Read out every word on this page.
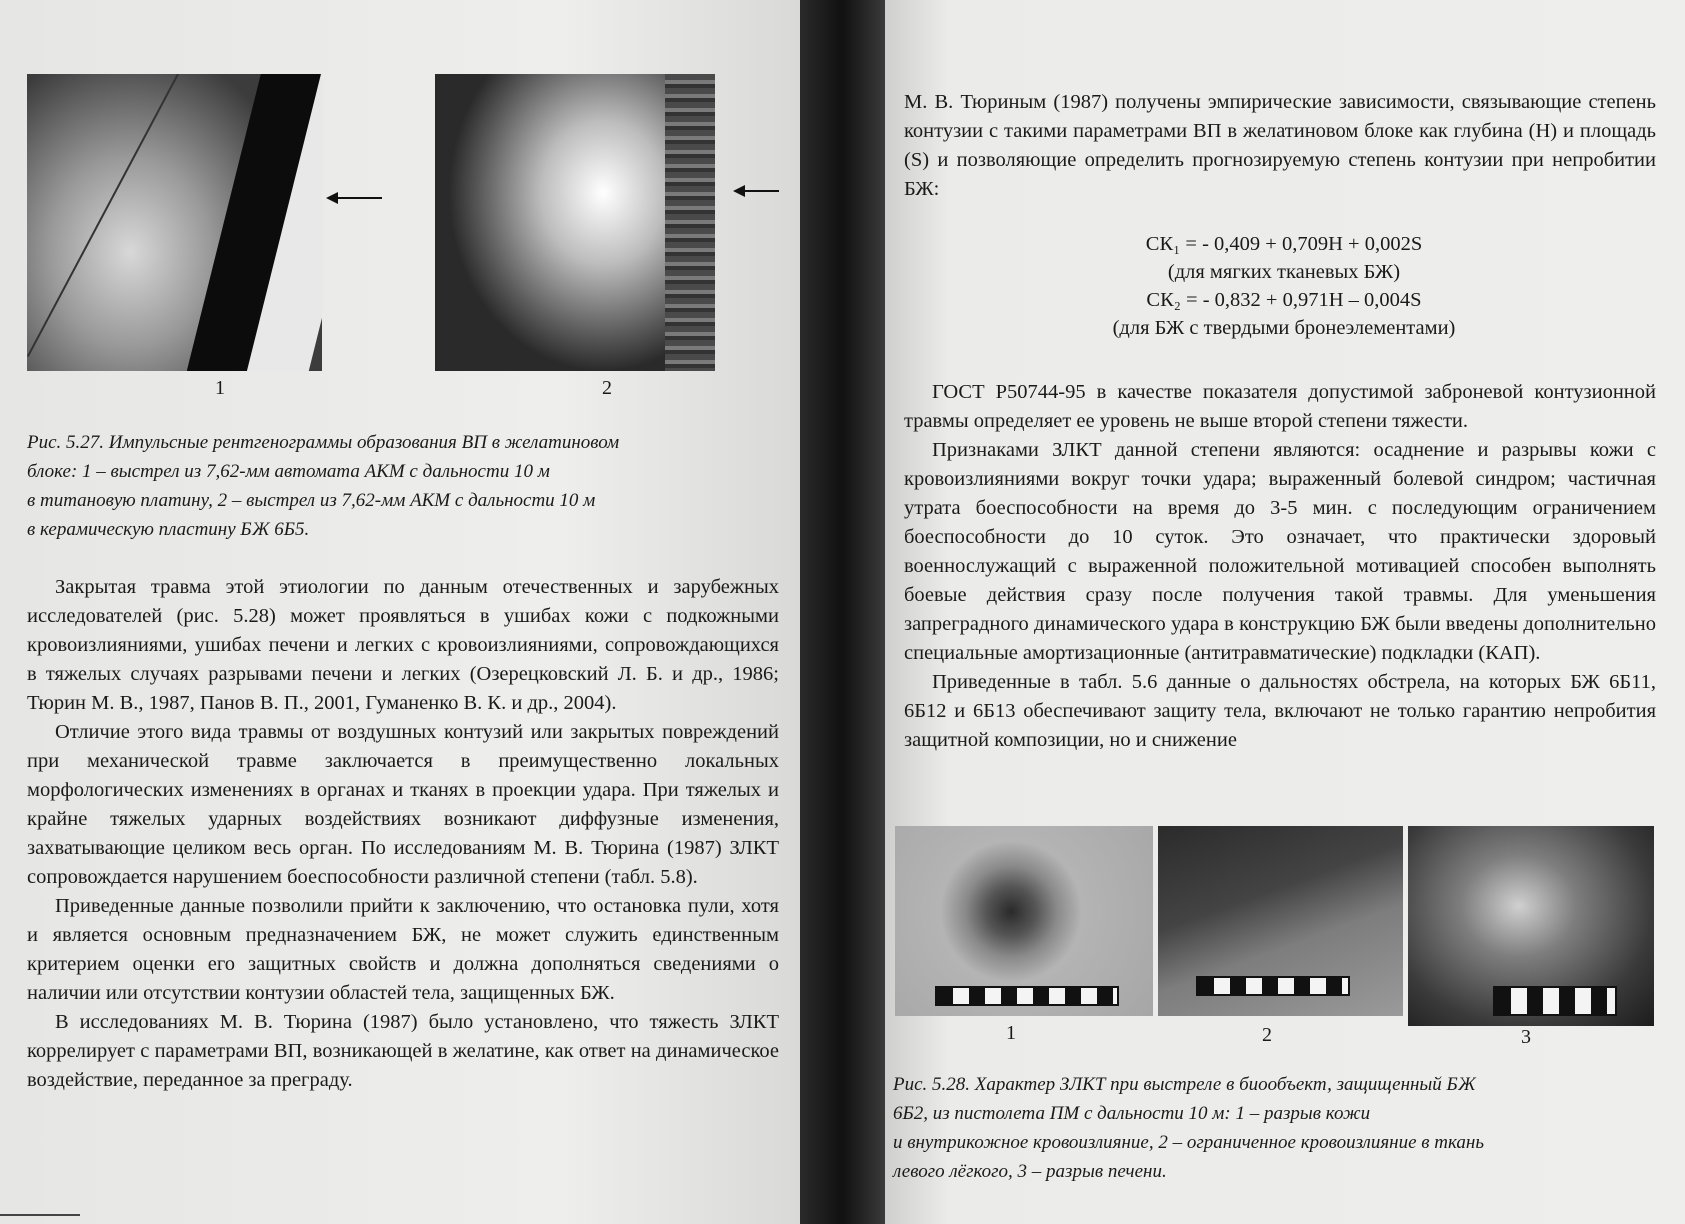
1	2

Рис. 5.27. Импульсные рентгенограммы образования ВП в желатиновом

блоке: 1 – выстрел из 7,62-мм автомата АКМ с дальности 10 м

в титановую платину, 2 – выстрел из 7,62-мм АКМ с дальности 10 м

в керамическую пластину БЖ 6Б5.

Закрытая травма этой этиологии по данным отечественных и зарубежных исследователей (рис. 5.28) может проявляться в ушибах кожи с подкожными кровоизлияниями, ушибах печени и легких с кровоизлияниями, сопровождающихся в тяжелых случаях разрывами печени и легких (Озерецковский Л. Б. и др., 1986; Тюрин М. В., 1987, Панов В. П., 2001, Гуманенко В. К. и др., 2004).

Отличие этого вида травмы от воздушных контузий или закрытых повреждений при механической травме заключается в преимущественно локальных морфологических изменениях в органах и тканях в проекции удара. При тяжелых и крайне тяжелых ударных воздействиях возникают диффузные изменения, захватывающие целиком весь орган. По исследованиям М. В. Тюрина (1987) ЗЛКТ сопровождается нарушением боеспособности различной степени (табл. 5.8).

Приведенные данные позволили прийти к заключению, что остановка пули, хотя и является основным предназначением БЖ, не может служить единственным критерием оценки его защитных свойств и должна дополняться сведениями о наличии или отсутствии контузии областей тела, защищенных БЖ.

В исследованиях М. В. Тюрина (1987) было установлено, что тяжесть ЗЛКТ коррелирует с параметрами ВП, возникающей в желатине, как ответ на динамическое воздействие, переданное за преграду.

М. В. Тюриным (1987) получены эмпирические зависимости, связывающие степень контузии с такими параметрами ВП в желатиновом блоке как глубина (Н) и площадь (S) и позволяющие определить прогнозируемую степень контузии при непробитии БЖ:

СК₁ = - 0,409 + 0,709Н + 0,002S
(для мягких тканевых БЖ)
СК₂ = - 0,832 + 0,971Н – 0,004S
(для БЖ с твердыми бронеэлементами)

ГОСТ Р50744-95 в качестве показателя допустимой заброневой контузионной травмы определяет ее уровень не выше второй степени тяжести.

Признаками ЗЛКТ данной степени являются: осаднение и разрывы кожи с кровоизлияниями вокруг точки удара; выраженный болевой синдром; частичная утрата боеспособности на время до 3-5 мин. с последующим ограничением боеспособности до 10 суток. Это означает, что практически здоровый военнослужащий с выраженной положительной мотивацией способен выполнять боевые действия сразу после получения такой травмы. Для уменьшения запреградного динамического удара в конструкцию БЖ были введены дополнительно специальные амортизационные (антитравматические) подкладки (КАП).

Приведенные в табл. 5.6 данные о дальностях обстрела, на которых БЖ 6Б11, 6Б12 и 6Б13 обеспечивают защиту тела, включают не только гарантию непробития защитной композиции, но и снижение

1	2	3

Рис. 5.28. Характер ЗЛКТ при выстреле в биообъект, защищенный БЖ

6Б2, из пистолета ПМ с дальности 10 м: 1 – разрыв кожи

и внутрикожное кровоизлияние, 2 – ограниченное кровоизлияние в ткань

левого лёгкого, 3 – разрыв печени.
